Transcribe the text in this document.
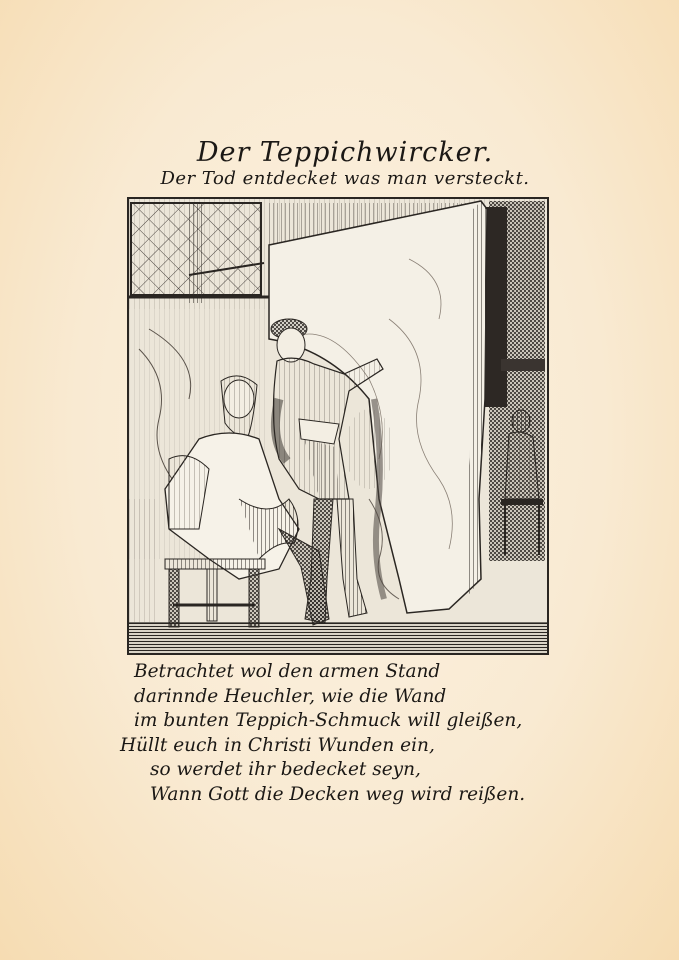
Der Teppichwircker.
Der Tod entdecket was man versteckt.
Betrachtet wol den armen Stand
darinnde Heuchler, wie die Wand
im bunten Teppich-Schmuck will gleißen,
Hüllt euch in Christi Wunden ein,
so werdet ihr bedecket seyn,
Wann Gott die Decken weg wird reißen.
